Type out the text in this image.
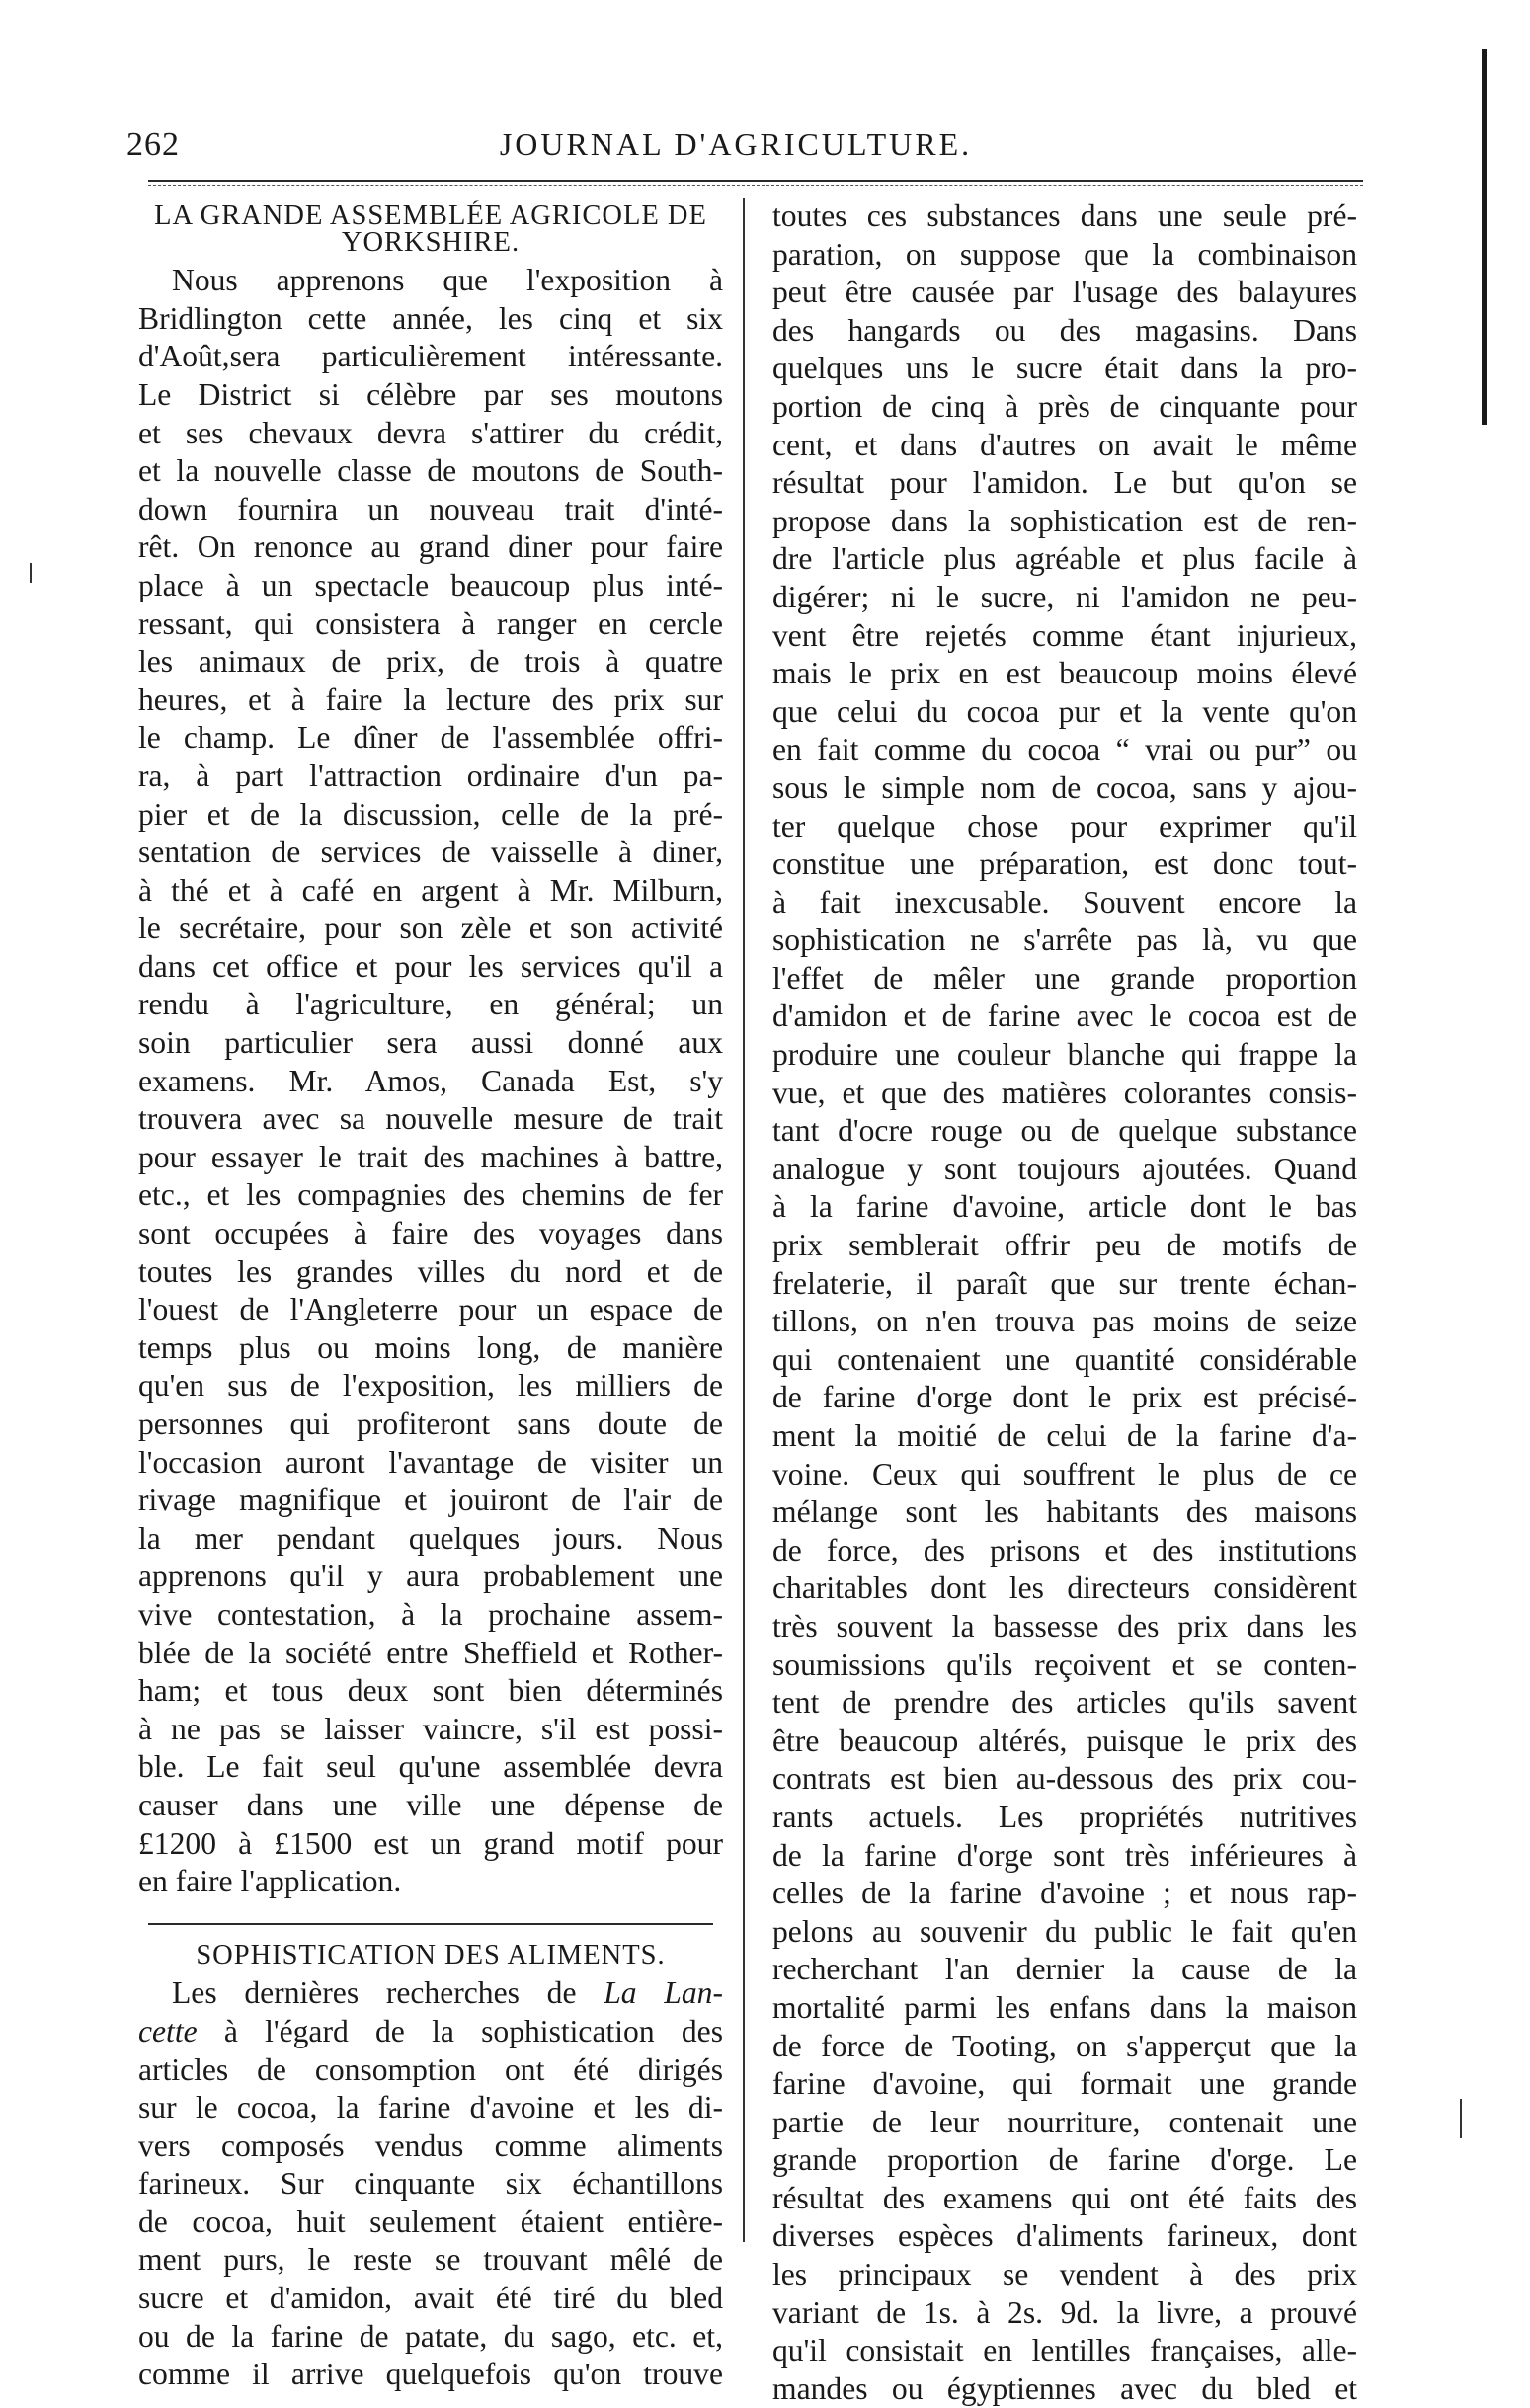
262	JOURNAL D'AGRICULTURE.
LA GRANDE ASSEMBLÉE AGRICOLE DE
YORKSHIRE.
Nous apprenons que l'exposition à
Bridlington cette année, les cinq et six
d'Août,sera particulièrement intéressante.
Le District si célèbre par ses moutons
et ses chevaux devra s'attirer du crédit,
et la nouvelle classe de moutons de South-
down fournira un nouveau trait d'inté-
rêt. On renonce au grand diner pour faire
place à un spectacle beaucoup plus inté-
ressant, qui consistera à ranger en cercle
les animaux de prix, de trois à quatre
heures, et à faire la lecture des prix sur
le champ. Le dîner de l'assemblée offri-
ra, à part l'attraction ordinaire d'un pa-
pier et de la discussion, celle de la pré-
sentation de services de vaisselle à diner,
à thé et à café en argent à Mr. Milburn,
le secrétaire, pour son zèle et son activité
dans cet office et pour les services qu'il a
rendu à l'agriculture, en général; un
soin particulier sera aussi donné aux
examens. Mr. Amos, Canada Est, s'y
trouvera avec sa nouvelle mesure de trait
pour essayer le trait des machines à battre,
etc., et les compagnies des chemins de fer
sont occupées à faire des voyages dans
toutes les grandes villes du nord et de
l'ouest de l'Angleterre pour un espace de
temps plus ou moins long, de manière
qu'en sus de l'exposition, les milliers de
personnes qui profiteront sans doute de
l'occasion auront l'avantage de visiter un
rivage magnifique et jouiront de l'air de
la mer pendant quelques jours. Nous
apprenons qu'il y aura probablement une
vive contestation, à la prochaine assem-
blée de la société entre Sheffield et Rother-
ham; et tous deux sont bien déterminés
à ne pas se laisser vaincre, s'il est possi-
ble. Le fait seul qu'une assemblée devra
causer dans une ville une dépense de
£1200 à £1500 est un grand motif pour
en faire l'application.
SOPHISTICATION DES ALIMENTS.
Les dernières recherches de La Lan-
cette à l'égard de la sophistication des
articles de consomption ont été dirigés
sur le cocoa, la farine d'avoine et les di-
vers composés vendus comme aliments
farineux. Sur cinquante six échantillons
de cocoa, huit seulement étaient entière-
ment purs, le reste se trouvant mêlé de
sucre et d'amidon, avait été tiré du bled
ou de la farine de patate, du sago, etc. et,
comme il arrive quelquefois qu'on trouve
toutes ces substances dans une seule pré-
paration, on suppose que la combinaison
peut être causée par l'usage des balayures
des hangards ou des magasins. Dans
quelques uns le sucre était dans la pro-
portion de cinq à près de cinquante pour
cent, et dans d'autres on avait le même
résultat pour l'amidon. Le but qu'on se
propose dans la sophistication est de ren-
dre l'article plus agréable et plus facile à
digérer; ni le sucre, ni l'amidon ne peu-
vent être rejetés comme étant injurieux,
mais le prix en est beaucoup moins élevé
que celui du cocoa pur et la vente qu'on
en fait comme du cocoa “ vrai ou pur” ou
sous le simple nom de cocoa, sans y ajou-
ter quelque chose pour exprimer qu'il
constitue une préparation, est donc tout-
à fait inexcusable. Souvent encore la
sophistication ne s'arrête pas là, vu que
l'effet de mêler une grande proportion
d'amidon et de farine avec le cocoa est de
produire une couleur blanche qui frappe la
vue, et que des matières colorantes consis-
tant d'ocre rouge ou de quelque substance
analogue y sont toujours ajoutées. Quand
à la farine d'avoine, article dont le bas
prix semblerait offrir peu de motifs de
frelaterie, il paraît que sur trente échan-
tillons, on n'en trouva pas moins de seize
qui contenaient une quantité considérable
de farine d'orge dont le prix est précisé-
ment la moitié de celui de la farine d'a-
voine. Ceux qui souffrent le plus de ce
mélange sont les habitants des maisons
de force, des prisons et des institutions
charitables dont les directeurs considèrent
très souvent la bassesse des prix dans les
soumissions qu'ils reçoivent et se conten-
tent de prendre des articles qu'ils savent
être beaucoup altérés, puisque le prix des
contrats est bien au-dessous des prix cou-
rants actuels. Les propriétés nutritives
de la farine d'orge sont très inférieures à
celles de la farine d'avoine ; et nous rap-
pelons au souvenir du public le fait qu'en
recherchant l'an dernier la cause de la
mortalité parmi les enfans dans la maison
de force de Tooting, on s'apperçut que la
farine d'avoine, qui formait une grande
partie de leur nourriture, contenait une
grande proportion de farine d'orge. Le
résultat des examens qui ont été faits des
diverses espèces d'aliments farineux, dont
les principaux se vendent à des prix
variant de 1s. à 2s. 9d. la livre, a prouvé
qu'il consistait en lentilles françaises, alle-
mandes ou égyptiennes avec du bled et
